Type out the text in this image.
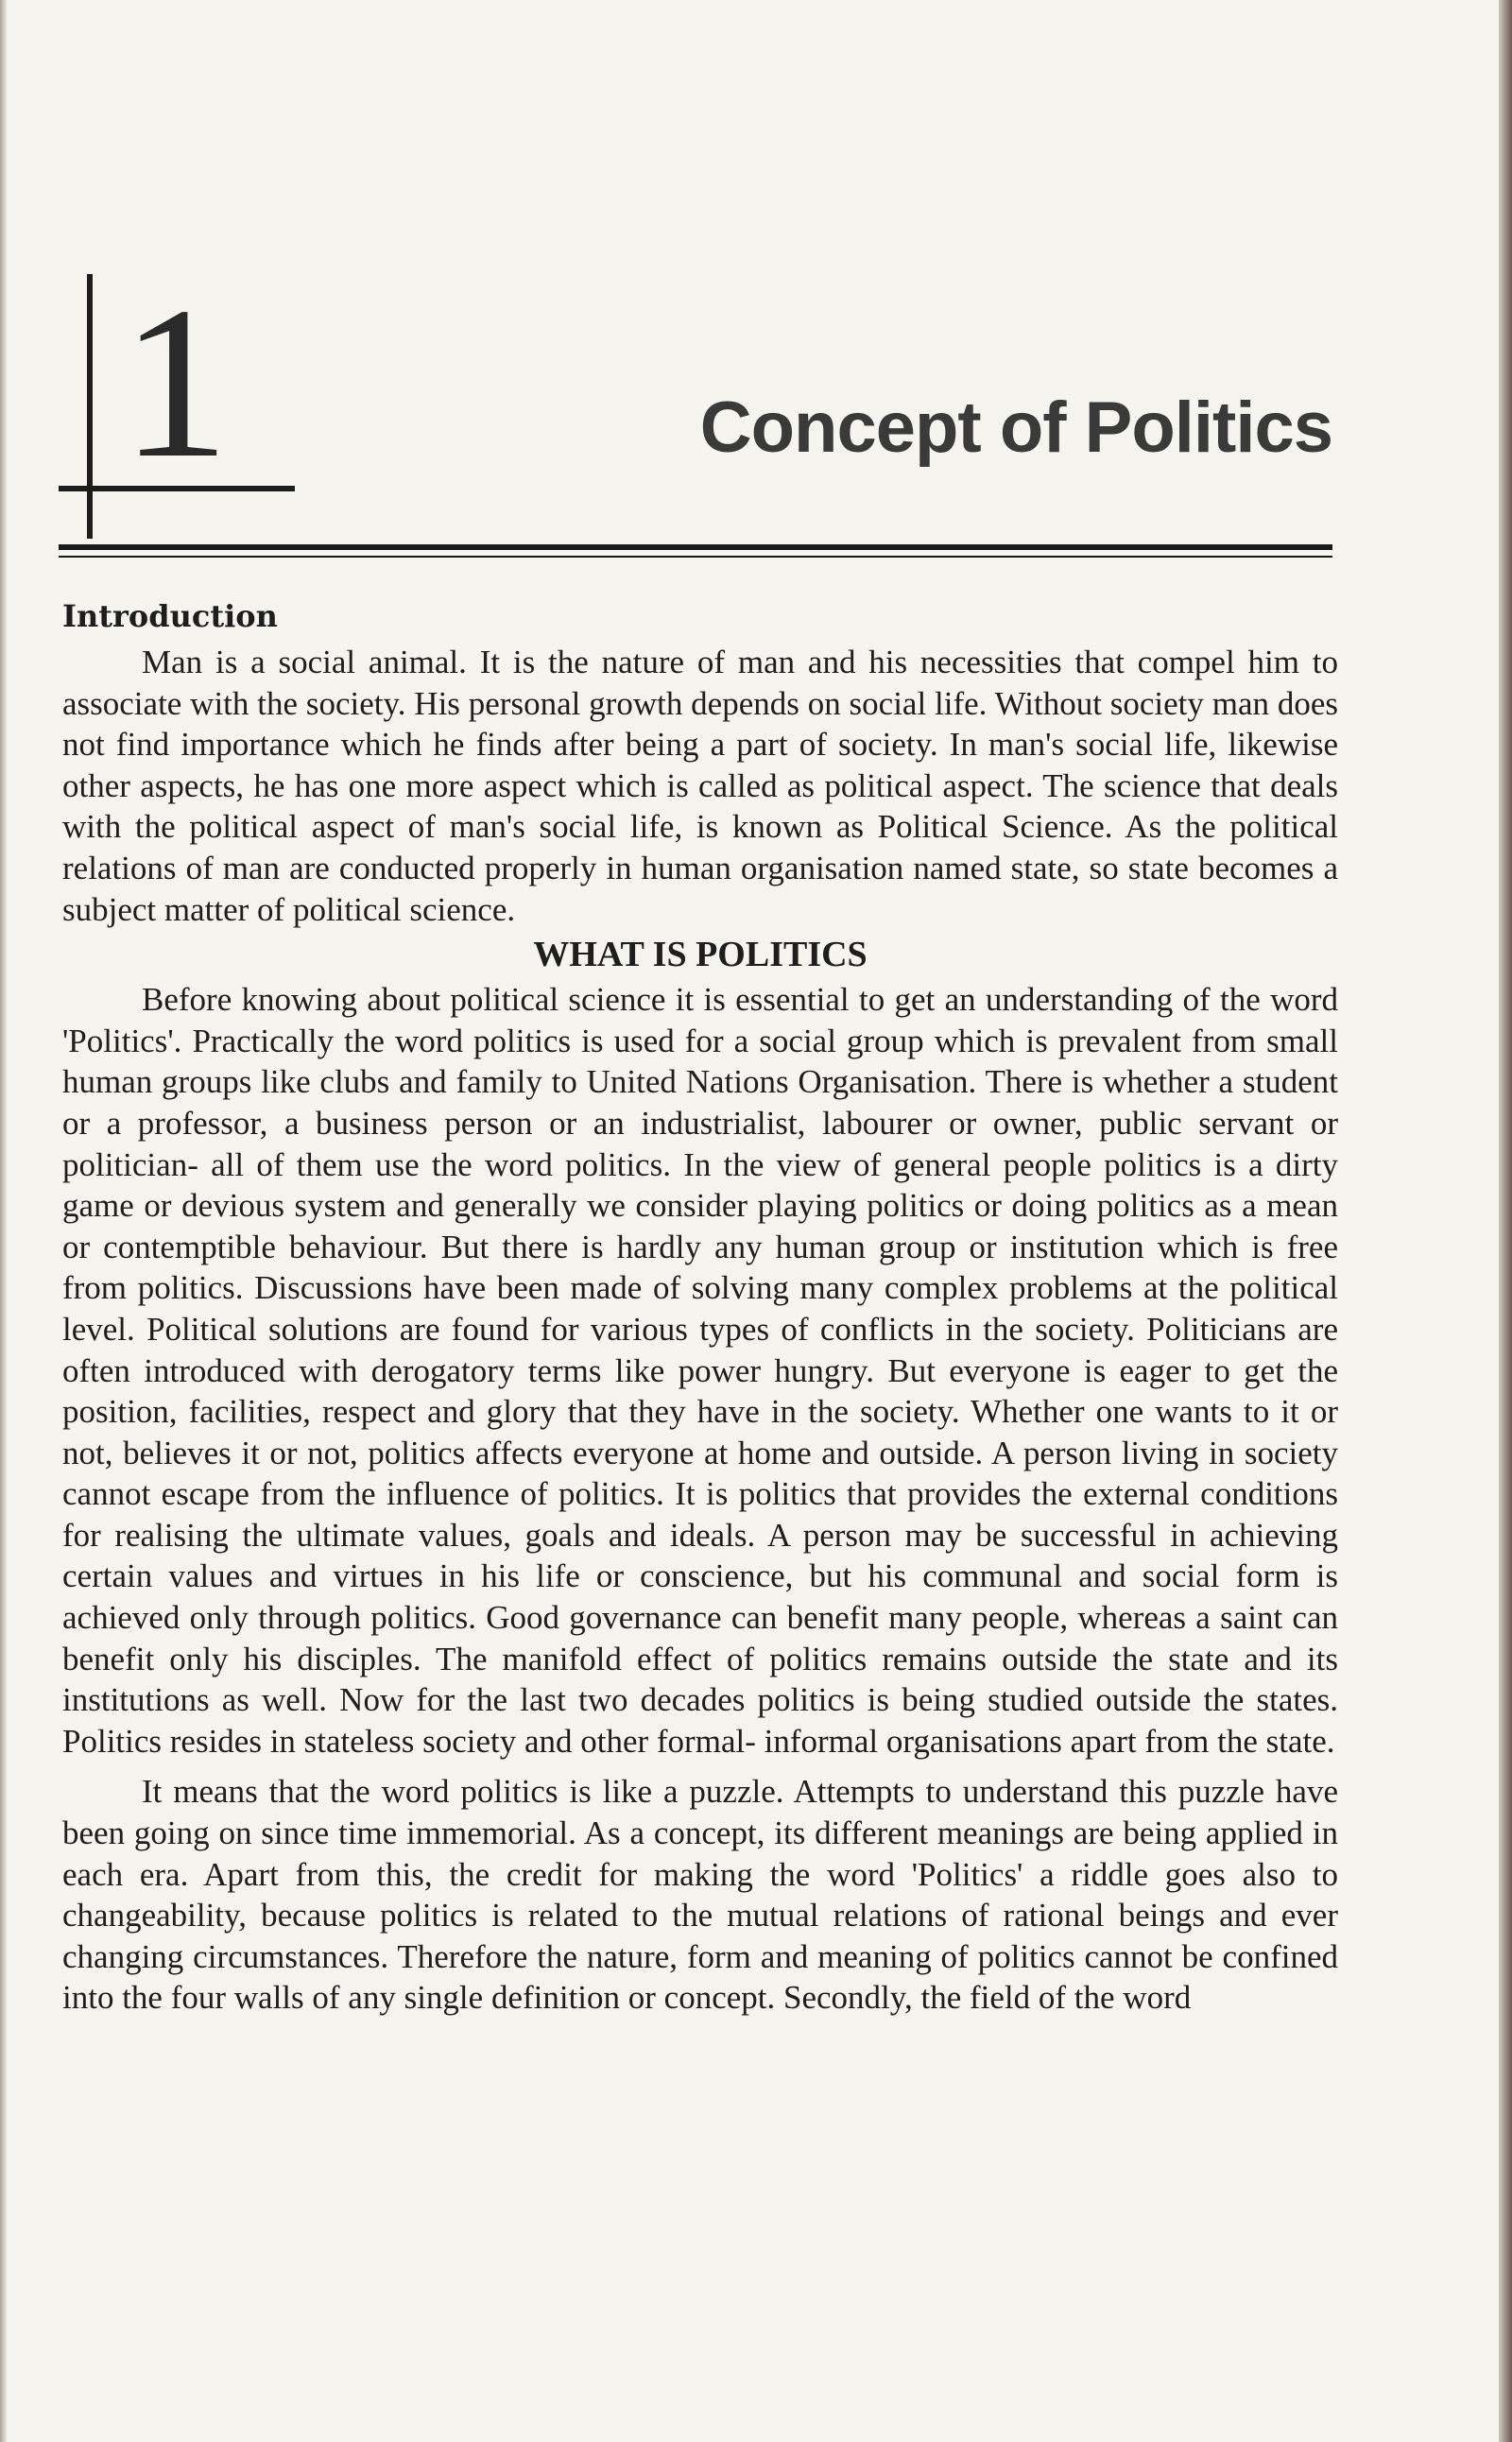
1	Concept of Politics
Introduction

Man is a social animal. It is the nature of man and his necessities that compel him to associate with the society. His personal growth depends on social life. Without society man does not find importance which he finds after being a part of society. In man's social life, likewise other aspects, he has one more aspect which is called as political aspect. The science that deals with the political aspect of man's social life, is known as Political Science. As the political relations of man are conducted properly in human organisation named state, so state becomes a subject matter of political science.

WHAT IS POLITICS

Before knowing about political science it is essential to get an understanding of the word 'Politics'. Practically the word politics is used for a social group which is prevalent from small human groups like clubs and family to United Nations Organisation. There is whether a student or a professor, a business person or an industrialist, labourer or owner, public servant or politician- all of them use the word politics. In the view of general people politics is a dirty game or devious system and generally we consider playing politics or doing politics as a mean or contemptible behaviour. But there is hardly any human group or institution which is free from politics. Discussions have been made of solving many complex problems at the political level. Political solutions are found for various types of conflicts in the society. Politicians are often introduced with derogatory terms like power hungry. But everyone is eager to get the position, facilities, respect and glory that they have in the society. Whether one wants to it or not, believes it or not, politics affects everyone at home and outside. A person living in society cannot escape from the influence of politics. It is politics that provides the external conditions for realising the ultimate values, goals and ideals. A person may be successful in achieving certain values and virtues in his life or conscience, but his communal and social form is achieved only through politics. Good governance can benefit many people, whereas a saint can benefit only his disciples. The manifold effect of politics remains outside the state and its institutions as well. Now for the last two decades politics is being studied outside the states. Politics resides in stateless society and other formal- informal organisations apart from the state.

It means that the word politics is like a puzzle. Attempts to understand this puzzle have been going on since time immemorial. As a concept, its different meanings are being applied in each era. Apart from this, the credit for making the word 'Politics' a riddle goes also to changeability, because politics is related to the mutual relations of rational beings and ever changing circumstances. Therefore the nature, form and meaning of politics cannot be confined into the four walls of any single definition or concept. Secondly, the field of the word
